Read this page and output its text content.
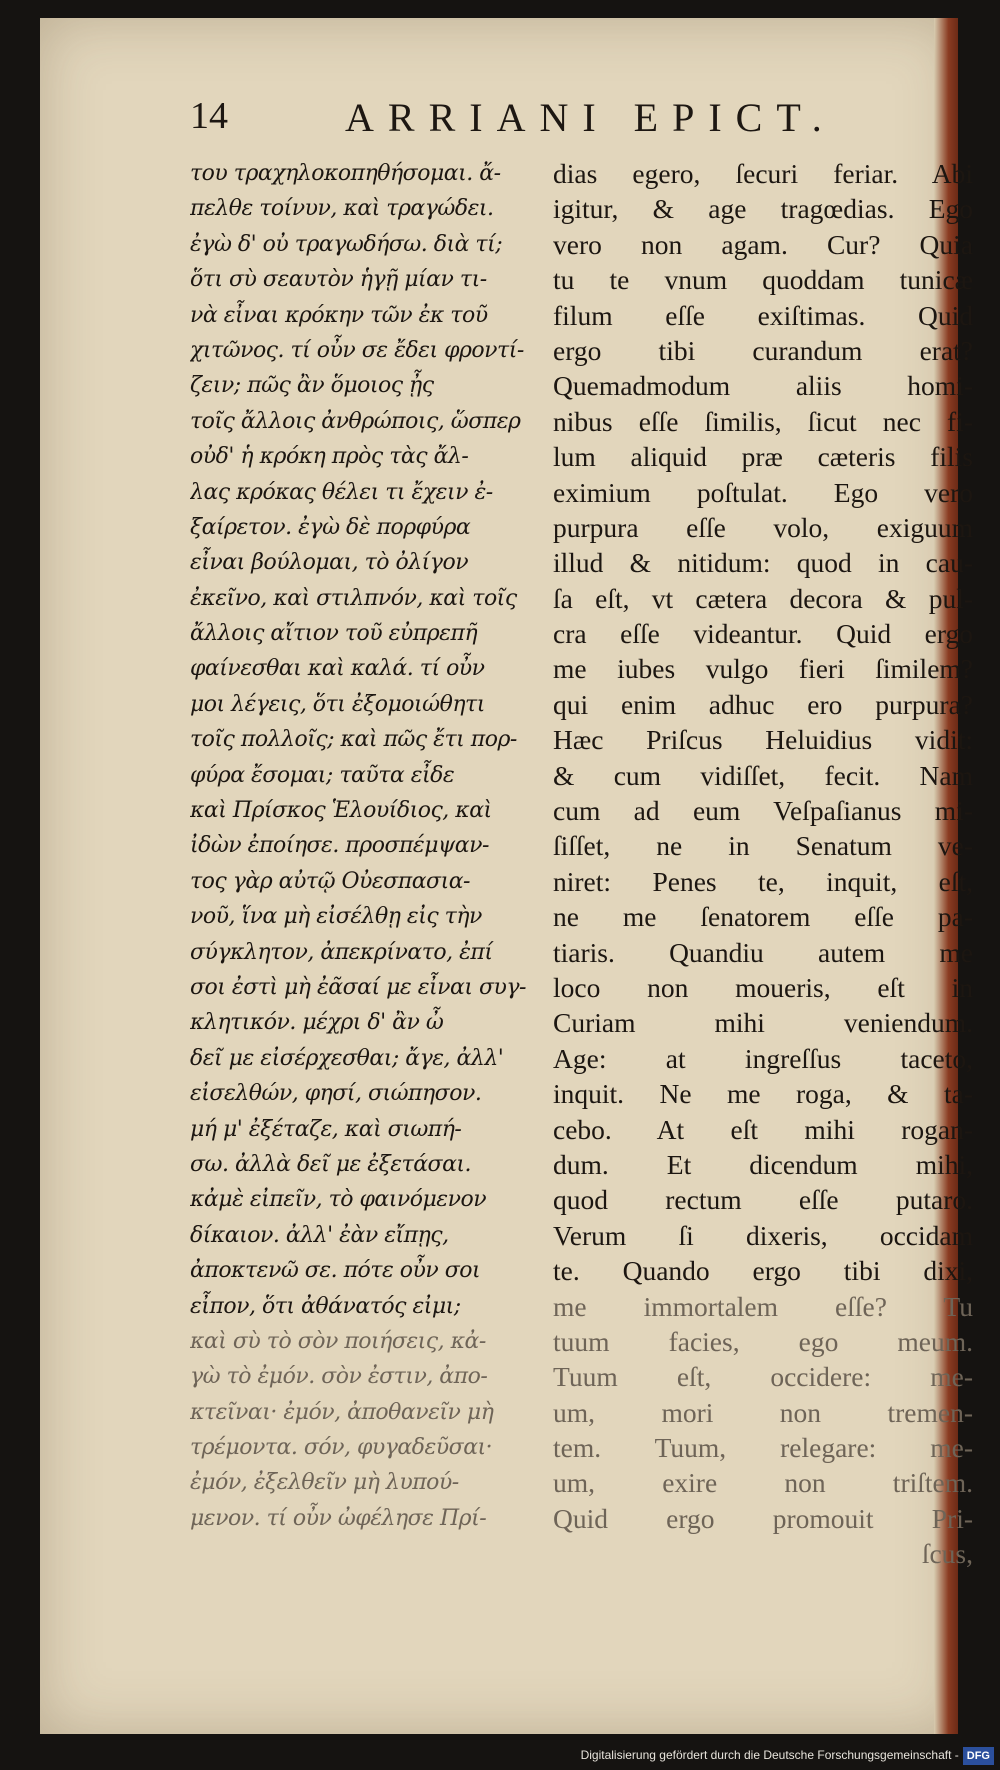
14	ARRIANI EPICT.
του τραχηλοκοπηθήσομαι. ἄ-
πελθε τοίνυν, καὶ τραγώδει.
ἐγὼ δ' οὐ τραγωδήσω. διὰ τί;
ὅτι σὺ σεαυτὸν ἡγῇ μίαν τι-
νὰ εἶναι κρόκην τῶν ἐκ τοῦ
χιτῶνος. τί οὖν σε ἔδει φροντί-
ζειν; πῶς ἂν ὅμοιος ᾖς
τοῖς ἄλλοις ἀνθρώποις, ὥσπερ
οὐδ' ἡ κρόκη πρὸς τὰς ἄλ-
λας κρόκας θέλει τι ἔχειν ἐ-
ξαίρετον. ἐγὼ δὲ πορφύρα
εἶναι βούλομαι, τὸ ὀλίγον
ἐκεῖνο, καὶ στιλπνόν, καὶ τοῖς
ἄλλοις αἴτιον τοῦ εὐπρεπῆ
φαίνεσθαι καὶ καλά. τί οὖν
μοι λέγεις, ὅτι ἐξομοιώθητι
τοῖς πολλοῖς; καὶ πῶς ἔτι πορ-
φύρα ἔσομαι; ταῦτα εἶδε
καὶ Πρίσκος Ἑλουίδιος, καὶ
ἰδὼν ἐποίησε. προσπέμψαν-
τος γὰρ αὐτῷ Οὐεσπασια-
νοῦ, ἵνα μὴ εἰσέλθῃ εἰς τὴν
σύγκλητον, ἀπεκρίνατο, ἐπί
σοι ἐστὶ μὴ ἐᾶσαί με εἶναι συγ-
κλητικόν. μέχρι δ' ἂν ὦ
δεῖ με εἰσέρχεσθαι; ἄγε, ἀλλ'
εἰσελθών, φησί, σιώπησον.
μή μ' ἐξέταζε, καὶ σιωπή-
σω. ἀλλὰ δεῖ με ἐξετάσαι.
κἀμὲ εἰπεῖν, τὸ φαινόμενον
δίκαιον. ἀλλ' ἐὰν εἴπῃς,
ἀποκτενῶ σε. πότε οὖν σοι
εἶπον, ὅτι ἀθάνατός εἰμι;
καὶ σὺ τὸ σὸν ποιήσεις, κἀ-
γὼ τὸ ἐμόν. σὸν ἐστιν, ἀπο-
κτεῖναι· ἐμόν, ἀποθανεῖν μὴ
τρέμοντα. σόν, φυγαδεῦσαι·
ἐμόν, ἐξελθεῖν μὴ λυπού-
μενον. τί οὖν ὠφέλησε Πρί-
dias egero, ſecuri feriar. Abi
igitur, & age tragœdias. Ego
vero non agam. Cur? Quia
tu te vnum quoddam tunicæ
filum eſſe exiſtimas. Quid
ergo tibi curandum erat?
Quemadmodum aliis homi-
nibus eſſe ſimilis, ſicut nec fi-
lum aliquid præ cæteris filis
eximium poſtulat. Ego vero
purpura eſſe volo, exiguum
illud & nitidum: quod in cau-
ſa eſt, vt cætera decora & pul-
cra eſſe videantur. Quid ergo
me iubes vulgo fieri ſimilem?
qui enim adhuc ero purpura?
Hæc Priſcus Heluidius vidit:
& cum vidiſſet, fecit. Nam
cum ad eum Veſpaſianus mi-
ſiſſet, ne in Senatum ve-
niret: Penes te, inquit, eſt,
ne me ſenatorem eſſe pa-
tiaris. Quandiu autem me
loco non moueris, eſt in
Curiam mihi veniendum.
Age: at ingreſſus taceto,
inquit. Ne me roga, & ta-
cebo. At eſt mihi rogan-
dum. Et dicendum mihi,
quod rectum eſſe putaro.
Verum ſi dixeris, occidam
te. Quando ergo tibi dixi,
me immortalem eſſe? Tu
tuum facies, ego meum.
Tuum eſt, occidere: me-
um, mori non tremen-
tem. Tuum, relegare: me-
um, exire non triſtem.
Quid ergo promouit Pri-
ſcus,
Digitalisierung gefördert durch die Deutsche Forschungsgemeinschaft - DFG
